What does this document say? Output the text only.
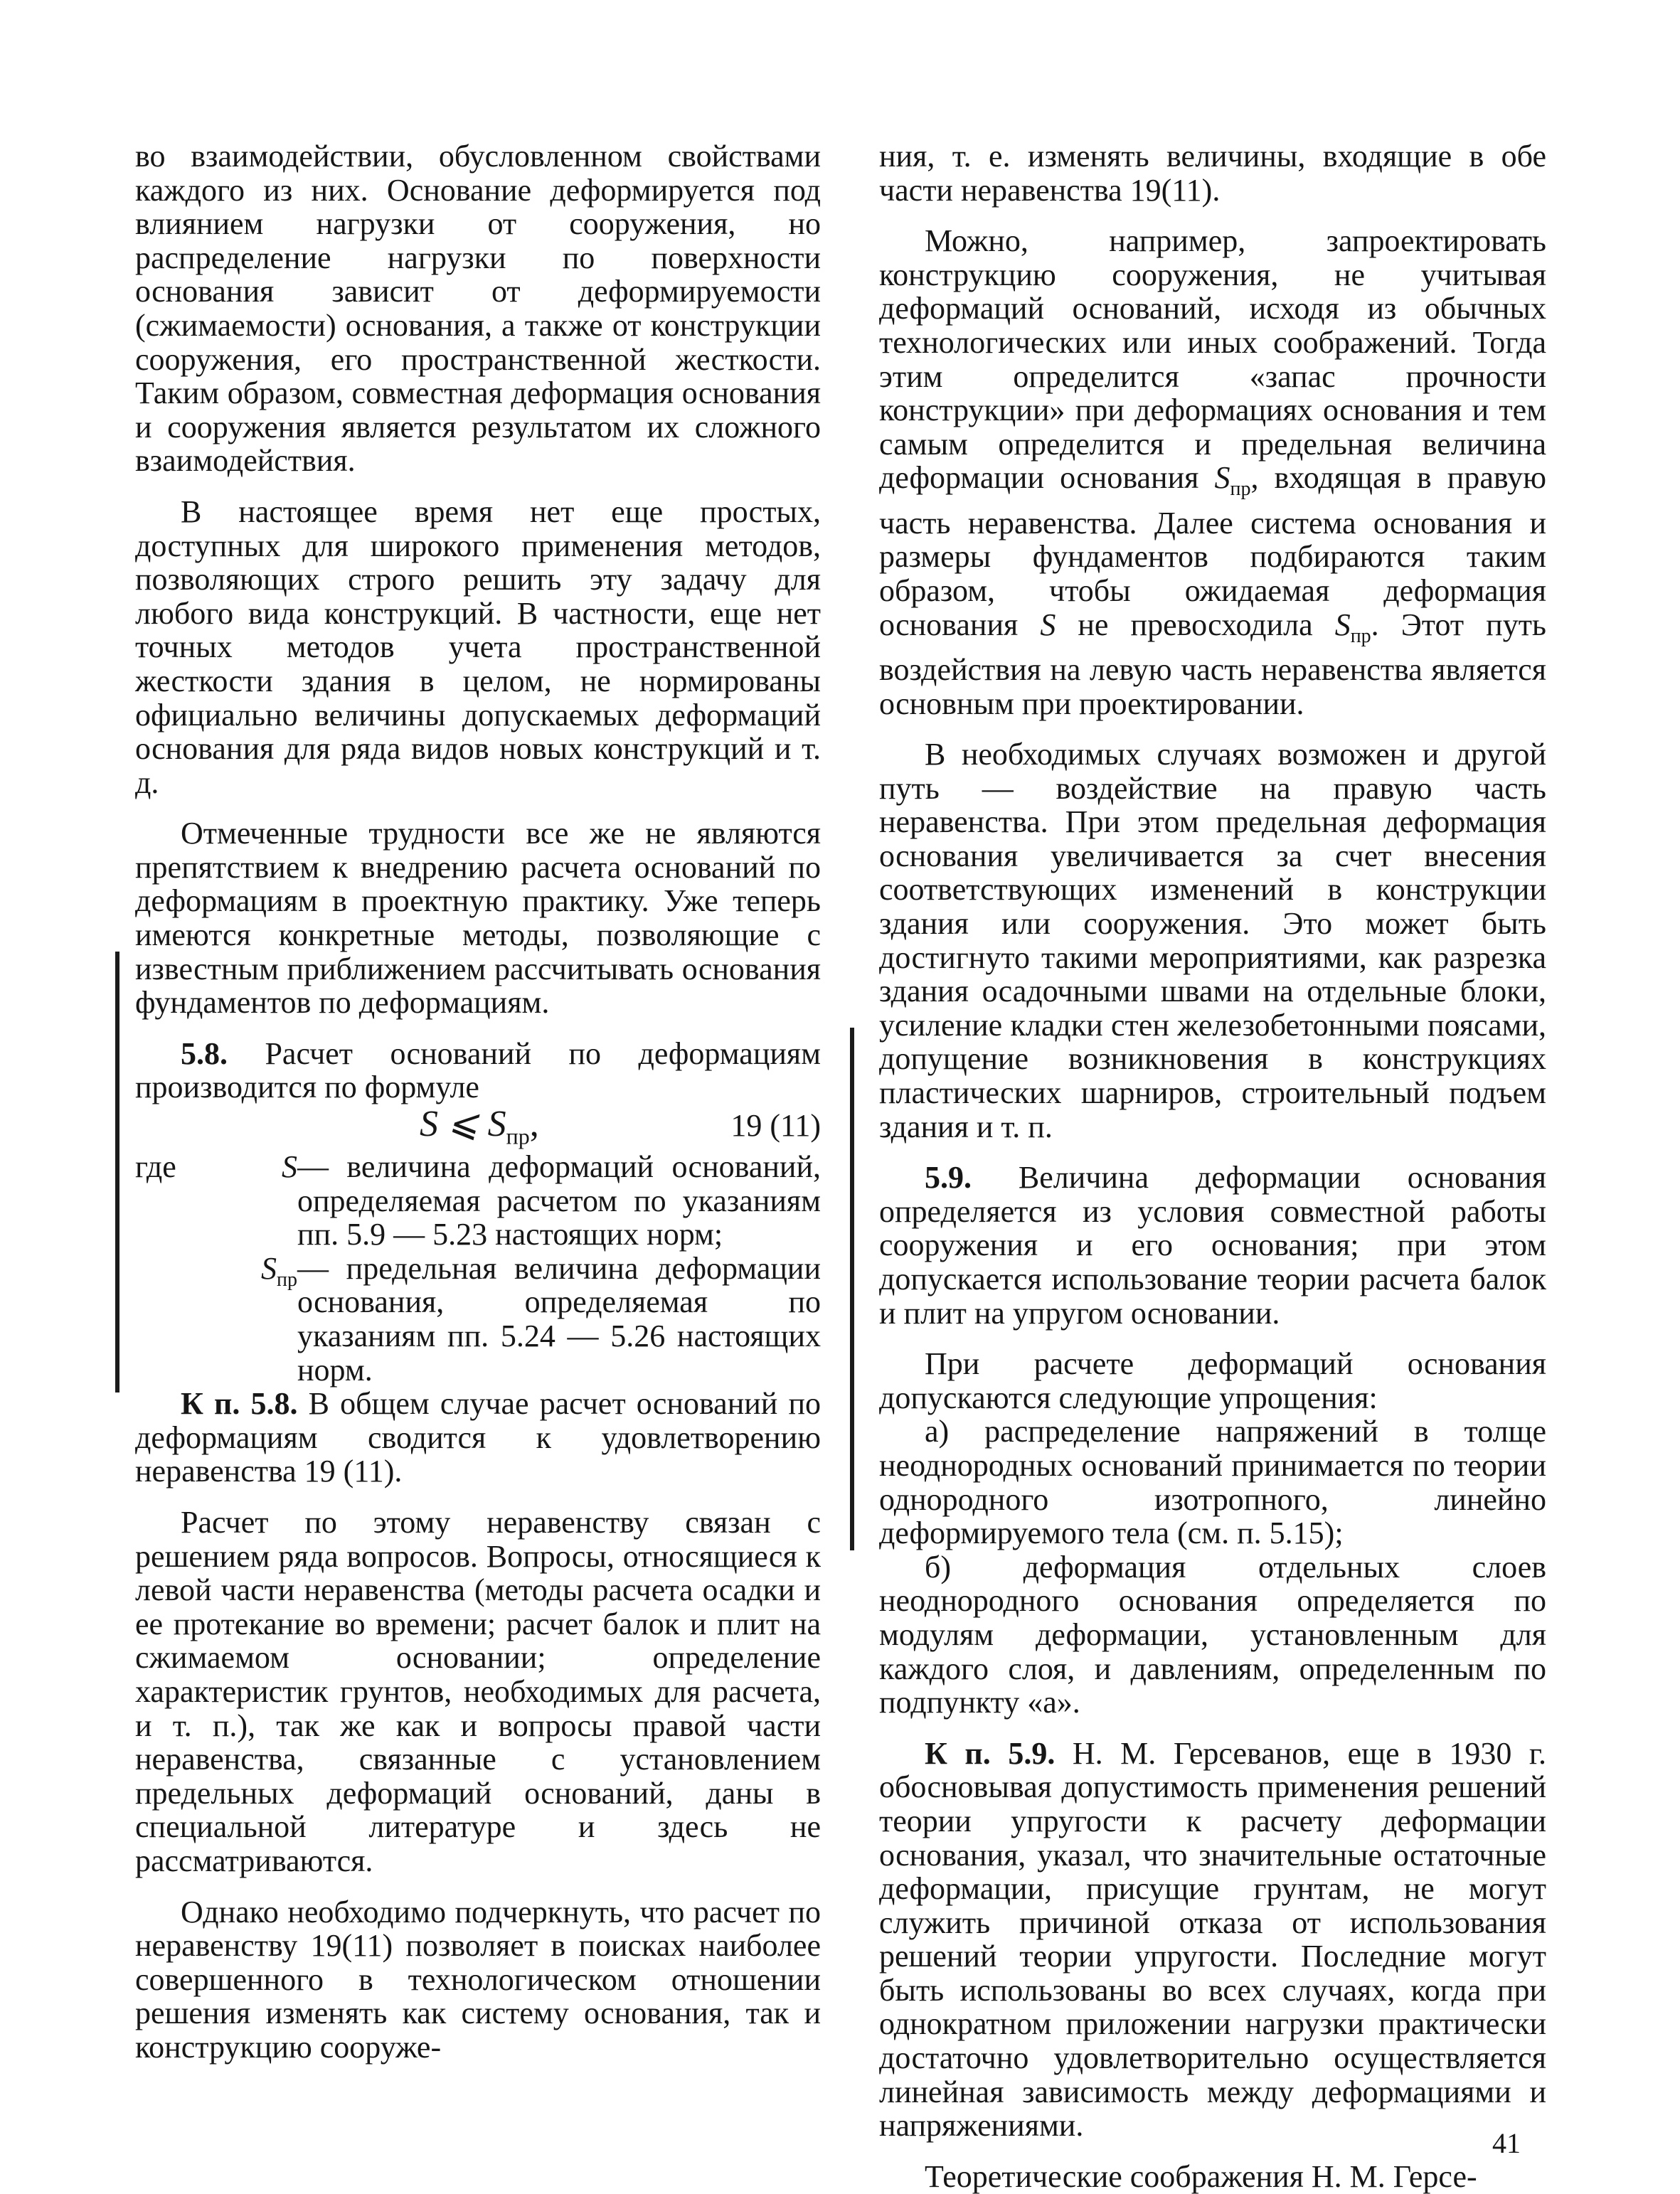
во взаимодействии, обусловленном свойствами каждого из них. Основание деформируется под влиянием нагрузки от сооружения, но распределение нагрузки по поверхности основания зависит от деформируемости (сжимаемости) основания, а также от конструкции сооружения, его пространственной жесткости. Таким образом, совместная деформация основания и сооружения является результатом их сложного взаимодействия.

В настоящее время нет еще простых, доступных для широкого применения методов, позволяющих строго решить эту задачу для любого вида конструкций. В частности, еще нет точных методов учета пространственной жесткости здания в целом, не нормированы официально величины допускаемых деформаций основания для ряда видов новых конструкций и т. д.

Отмеченные трудности все же не являются препятствием к внедрению расчета оснований по деформациям в проектную практику. Уже теперь имеются конкретные методы, позволяющие с известным приближением рассчитывать основания фундаментов по деформациям.

5.8. Расчет оснований по деформациям производится по формуле

S ⩽ $S_{пр}$,	19 (11)
где	S — величина деформаций оснований, определяемая расчетом по указаниям пп. 5.9 — 5.23 настоящих норм;
$S_{пр}$ — предельная величина деформации основания, определяемая по указаниям пп. 5.24 — 5.26 настоящих норм.

К п. 5.8. В общем случае расчет оснований по деформациям сводится к удовлетворению неравенства 19 (11).

Расчет по этому неравенству связан с решением ряда вопросов. Вопросы, относящиеся к левой части неравенства (методы расчета осадки и ее протекание во времени; расчет балок и плит на сжимаемом основании; определение характеристик грунтов, необходимых для расчета, и т. п.), так же как и вопросы правой части неравенства, связанные с установлением предельных деформаций оснований, даны в специальной литературе и здесь не рассматриваются.

Однако необходимо подчеркнуть, что расчет по неравенству 19(11) позволяет в поисках наиболее совершенного в технологическом отношении решения изменять как систему основания, так и конструкцию сооруже-

ния, т. е. изменять величины, входящие в обе части неравенства 19(11).

Можно, например, запроектировать конструкцию сооружения, не учитывая деформаций оснований, исходя из обычных технологических или иных соображений. Тогда этим определится «запас прочности конструкции» при деформациях основания и тем самым определится и предельная величина деформации основания $S_{пр}$, входящая в правую часть неравенства. Далее система основания и размеры фундаментов подбираются таким образом, чтобы ожидаемая деформация основания S не превосходила $S_{пр}$. Этот путь воздействия на левую часть неравенства является основным при проектировании.

В необходимых случаях возможен и другой путь — воздействие на правую часть неравенства. При этом предельная деформация основания увеличивается за счет внесения соответствующих изменений в конструкции здания или сооружения. Это может быть достигнуто такими мероприятиями, как разрезка здания осадочными швами на отдельные блоки, усиление кладки стен железобетонными поясами, допущение возникновения в конструкциях пластических шарниров, строительный подъем здания и т. п.

5.9. Величина деформации основания определяется из условия совместной работы сооружения и его основания; при этом допускается использование теории расчета балок и плит на упругом основании.

При расчете деформаций основания допускаются следующие упрощения:

а) распределение напряжений в толще неоднородных оснований принимается по теории однородного изотропного, линейно деформируемого тела (см. п. 5.15);

б) деформация отдельных слоев неоднородного основания определяется по модулям деформации, установленным для каждого слоя, и давлениям, определенным по подпункту «а».

К п. 5.9. Н. М. Герсеванов, еще в 1930 г. обосновывая допустимость применения решений теории упругости к расчету деформации основания, указал, что значительные остаточные деформации, присущие грунтам, не могут служить причиной отказа от использования решений теории упругости. Последние могут быть использованы во всех случаях, когда при однократном приложении нагрузки практически достаточно удовлетворительно осуществляется линейная зависимость между деформациями и напряжениями.

Теоретические соображения Н. М. Герсе-

41
